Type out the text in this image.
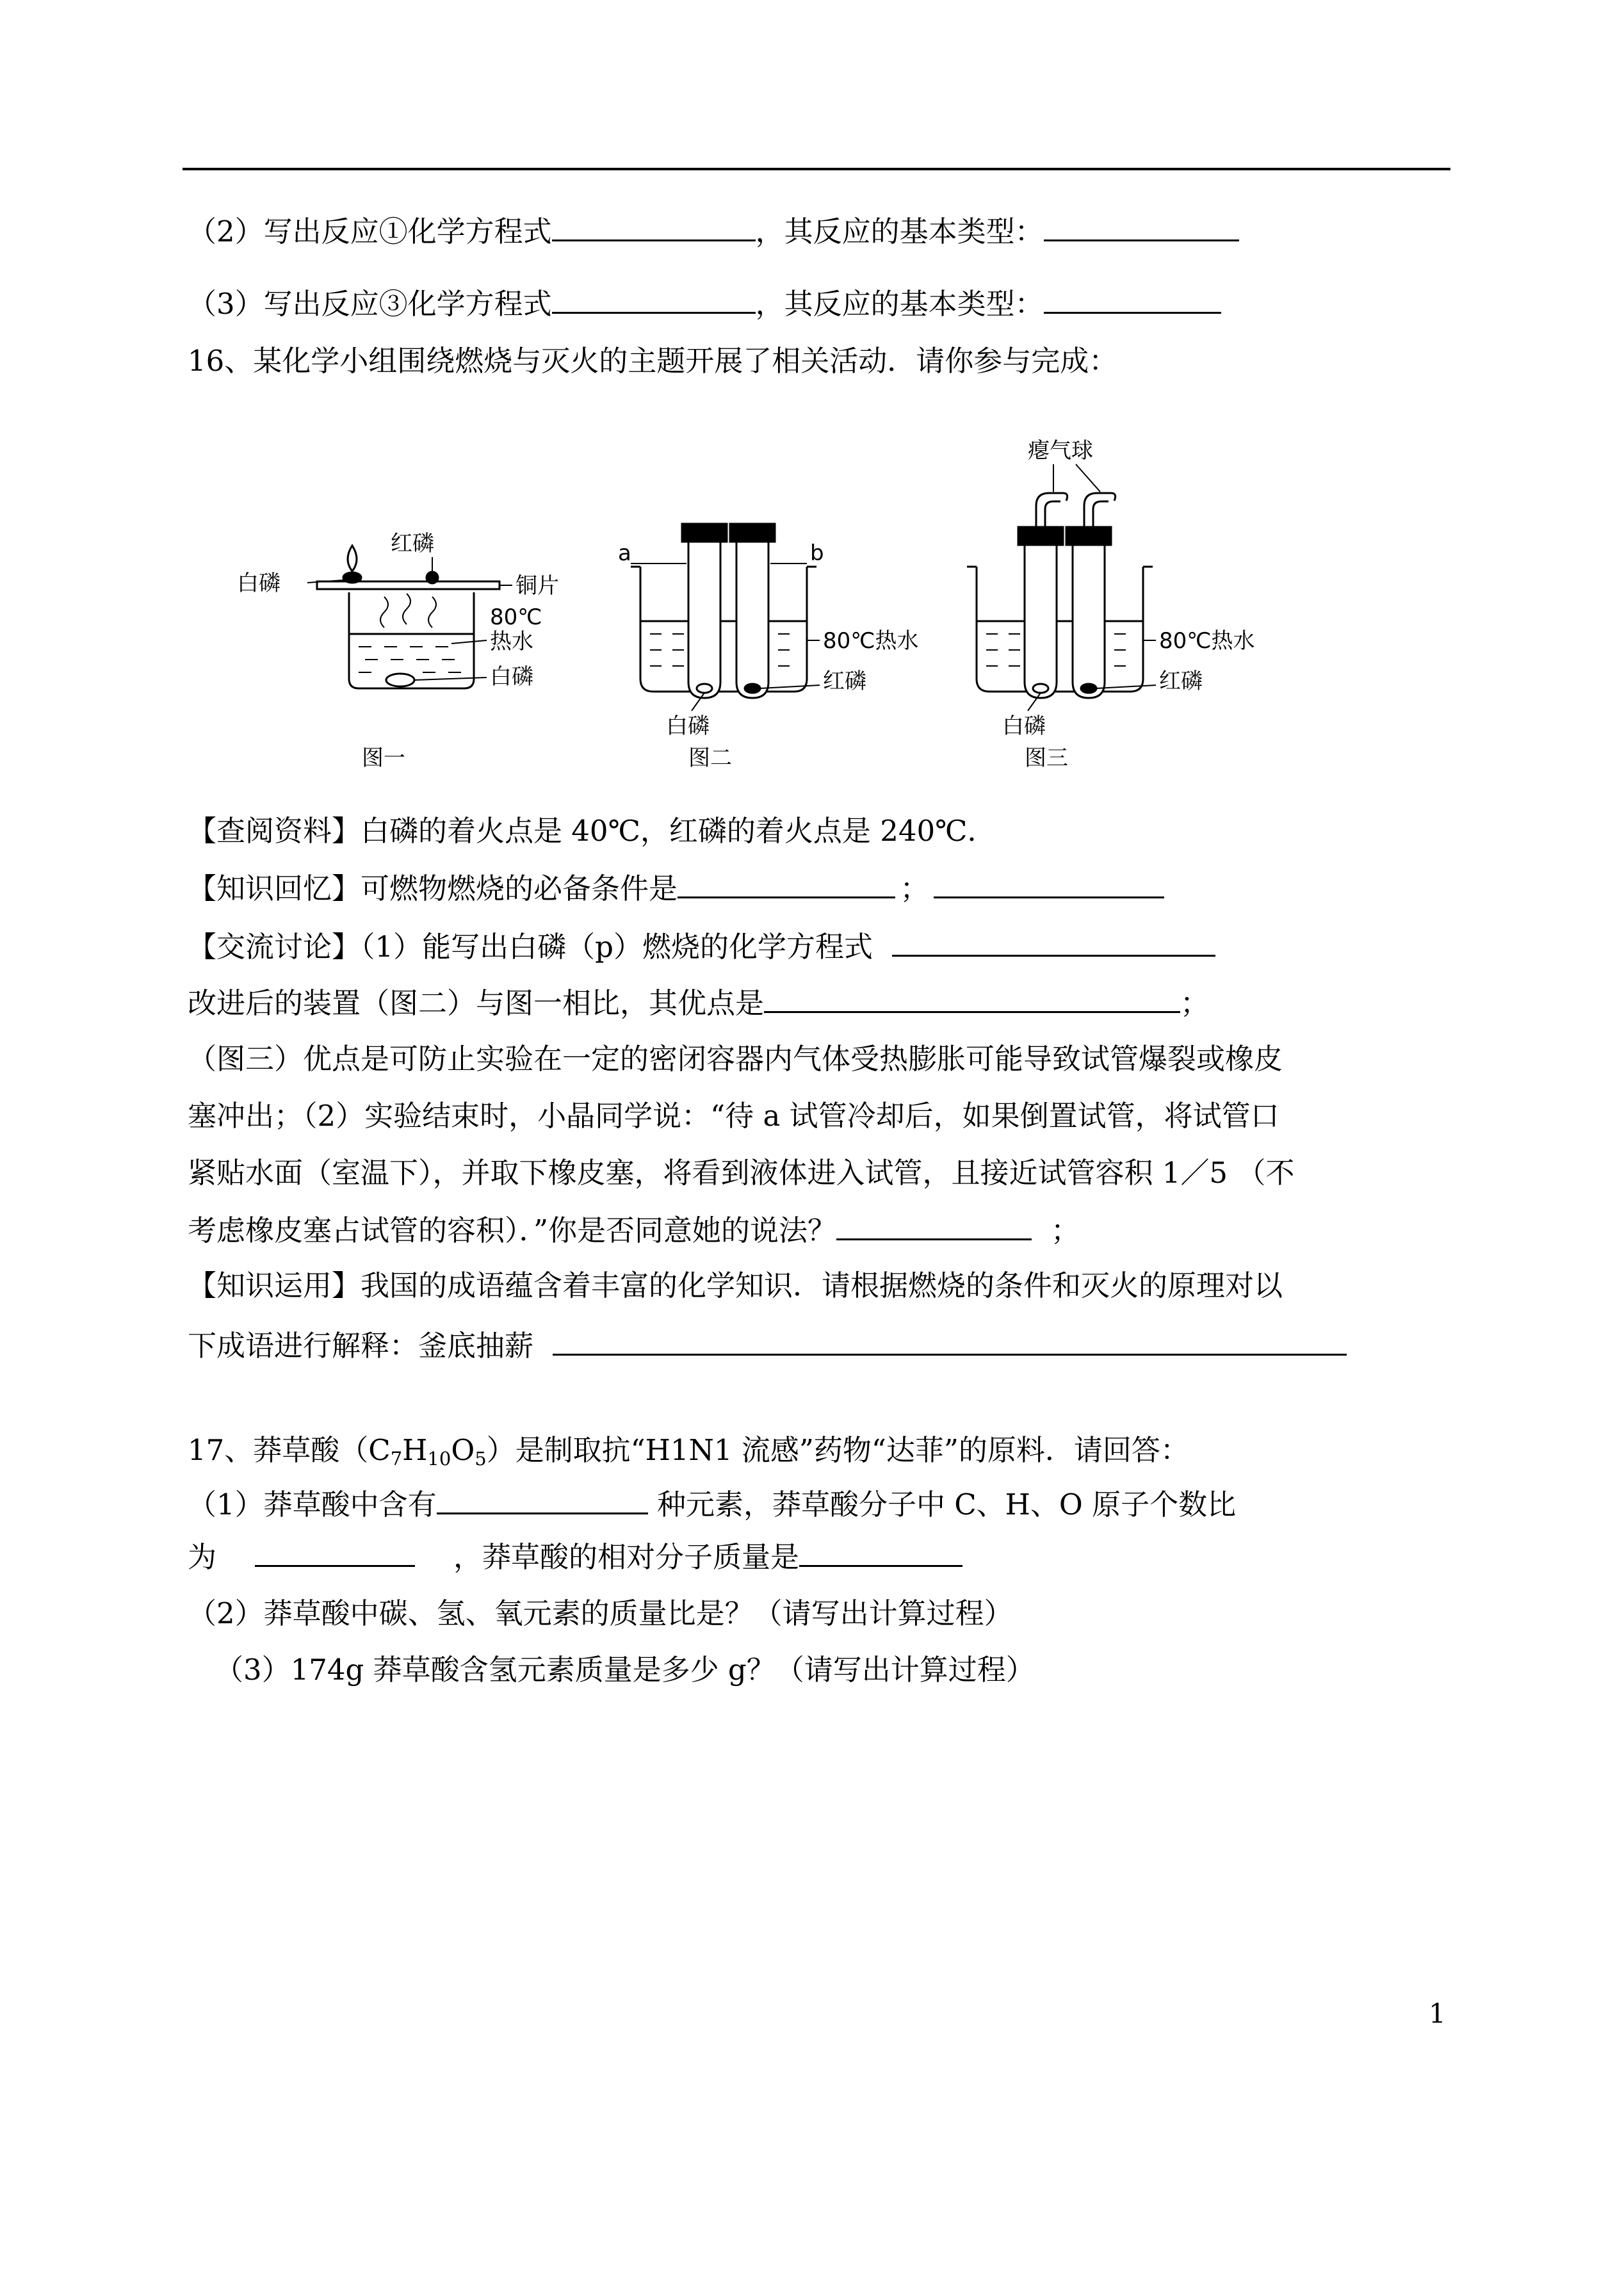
（2）写出反应①化学方程式	，其反应的基本类型：
（3）写出反应③化学方程式	，其反应的基本类型：
16、某化学小组围绕燃烧与灭火的主题开展了相关活动．请你参与完成：
红磷
白磷	铜片
80℃
热水
白磷
图一
a	b
80℃热水
红磷
白磷
图二
瘪气球
80℃热水
红磷
白磷
图三
【查阅资料】白磷的着火点是 40℃，红磷的着火点是 240℃．
【知识回忆】可燃物燃烧的必备条件是	；
【交流讨论】（1）能写出白磷（p）燃烧的化学方程式
改进后的装置（图二）与图一相比，其优点是	；
（图三）优点是可防止实验在一定的密闭容器内气体受热膨胀可能导致试管爆裂或橡皮
塞冲出；（2）实验结束时，小晶同学说：“待 a 试管冷却后，如果倒置试管，将试管口
紧贴水面（室温下），并取下橡皮塞，将看到液体进入试管，且接近试管容积 1／5 （不
考虑橡皮塞占试管的容积）．”你是否同意她的说法？	；
【知识运用】我国的成语蕴含着丰富的化学知识．请根据燃烧的条件和灭火的原理对以
下成语进行解释：釜底抽薪
17、莽草酸$(C_7H_{10}O_5)$是制取抗“H1N1 流感”药物“达菲”的原料．请回答：
（1）莽草酸中含有	种元素，莽草酸分子中 C、H、O 原子个数比
为	，莽草酸的相对分子质量是
（2）莽草酸中碳、氢、氧元素的质量比是？（请写出计算过程）
（3）174g 莽草酸含氢元素质量是多少 g？（请写出计算过程）
1
